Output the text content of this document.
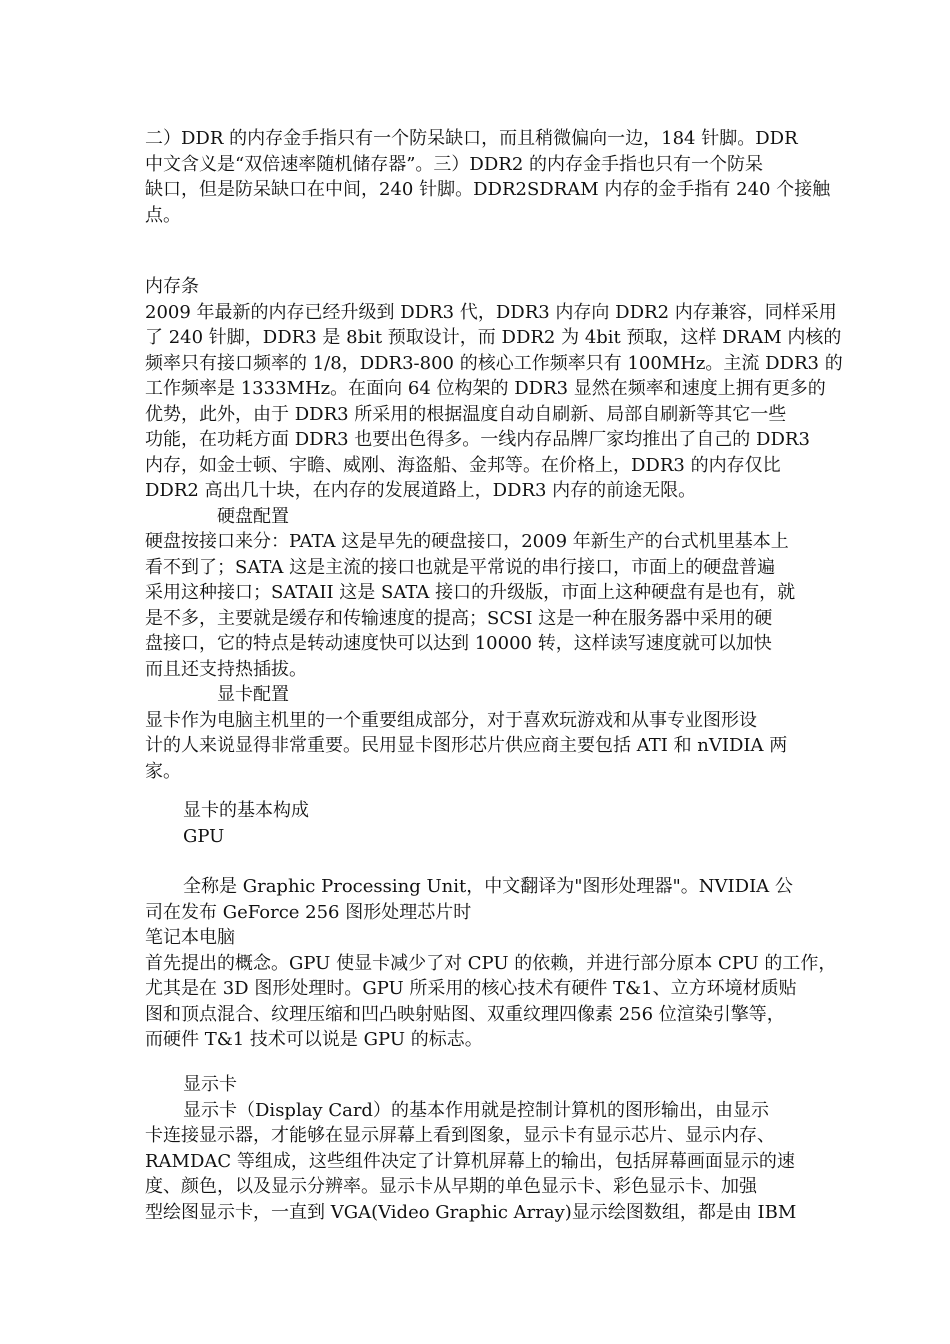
二）DDR 的内存金手指只有一个防呆缺口，而且稍微偏向一边，184 针脚。DDR

中文含义是“双倍速率随机储存器”。三）DDR2 的内存金手指也只有一个防呆

缺口，但是防呆缺口在中间，240 针脚。DDR2SDRAM 内存的金手指有 240 个接触

点。

内存条

2009 年最新的内存已经升级到 DDR3 代，DDR3 内存向 DDR2 内存兼容，同样采用

了 240 针脚，DDR3 是 8bit 预取设计，而 DDR2 为 4bit 预取，这样 DRAM 内核的

频率只有接口频率的 1/8，DDR3-800 的核心工作频率只有 100MHz。主流 DDR3 的

工作频率是 1333MHz。在面向 64 位构架的 DDR3 显然在频率和速度上拥有更多的

优势，此外，由于 DDR3 所采用的根据温度自动自刷新、局部自刷新等其它一些

功能，在功耗方面 DDR3 也要出色得多。一线内存品牌厂家均推出了自己的 DDR3

内存，如金士顿、宇瞻、威刚、海盗船、金邦等。在价格上，DDR3 的内存仅比

DDR2 高出几十块，在内存的发展道路上，DDR3 内存的前途无限。

硬盘配置

硬盘按接口来分：PATA 这是早先的硬盘接口，2009 年新生产的台式机里基本上

看不到了；SATA 这是主流的接口也就是平常说的串行接口，市面上的硬盘普遍

采用这种接口；SATAII 这是 SATA 接口的升级版，市面上这种硬盘有是也有，就

是不多，主要就是缓存和传输速度的提高；SCSI 这是一种在服务器中采用的硬

盘接口，它的特点是转动速度快可以达到 10000 转，这样读写速度就可以加快

而且还支持热插拔。

显卡配置

显卡作为电脑主机里的一个重要组成部分，对于喜欢玩游戏和从事专业图形设

计的人来说显得非常重要。民用显卡图形芯片供应商主要包括 ATI 和 nVIDIA 两

家。

显卡的基本构成

GPU

全称是 Graphic Processing Unit，中文翻译为"图形处理器"。NVIDIA 公

司在发布 GeForce 256 图形处理芯片时

笔记本电脑

首先提出的概念。GPU 使显卡减少了对 CPU 的依赖，并进行部分原本 CPU 的工作，

尤其是在 3D 图形处理时。GPU 所采用的核心技术有硬件 T&1、立方环境材质贴

图和顶点混合、纹理压缩和凹凸映射贴图、双重纹理四像素 256 位渲染引擎等，

而硬件 T&1 技术可以说是 GPU 的标志。

显示卡

显示卡（Display Card）的基本作用就是控制计算机的图形输出，由显示

卡连接显示器，才能够在显示屏幕上看到图象，显示卡有显示芯片、显示内存、

RAMDAC 等组成，这些组件决定了计算机屏幕上的输出，包括屏幕画面显示的速

度、颜色，以及显示分辨率。显示卡从早期的单色显示卡、彩色显示卡、加强

型绘图显示卡，一直到 VGA(Video Graphic Array)显示绘图数组，都是由 IBM
